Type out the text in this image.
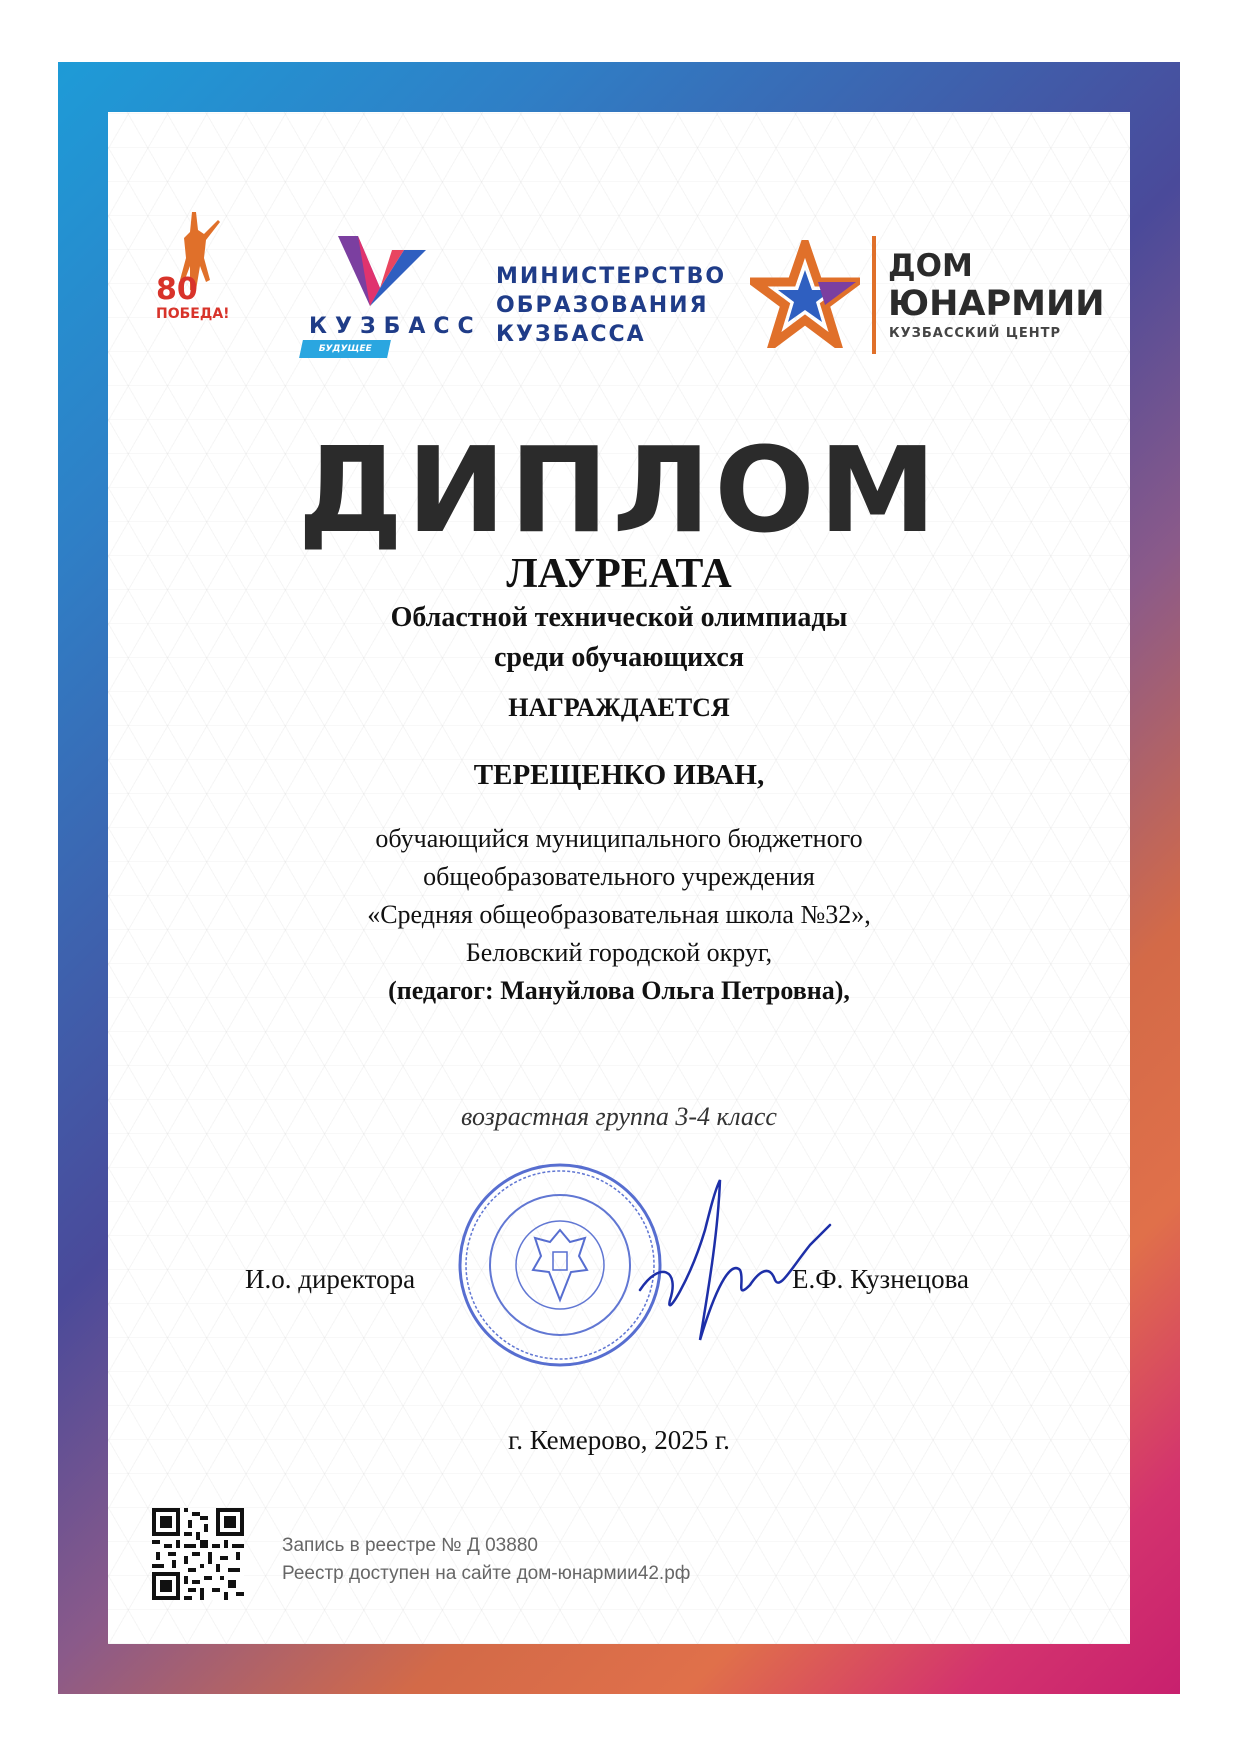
80
ПОБЕДА!	КУЗБАСС
БУДУЩЕЕ
МИНИСТЕРСТВО
ОБРАЗОВАНИЯ
КУЗБАССА
ДОМ
ЮНАРМИИ
КУЗБАССКИЙ ЦЕНТР
ДИПЛОМ
ЛАУРЕАТА
Областной технической олимпиады
среди обучающихся
НАГРАЖДАЕТСЯ
ТЕРЕЩЕНКО ИВАН,
обучающийся муниципального бюджетного
общеобразовательного учреждения
«Средняя общеобразовательная школа №32»,
Беловский городской округ,
(педагог: Мануйлова Ольга Петровна),
возрастная группа 3-4 класс
И.о. директора	Е.Ф. Кузнецова
г. Кемерово, 2025 г.
Запись в реестре № Д 03880
Реестр доступен на сайте дом-юнармии42.рф
